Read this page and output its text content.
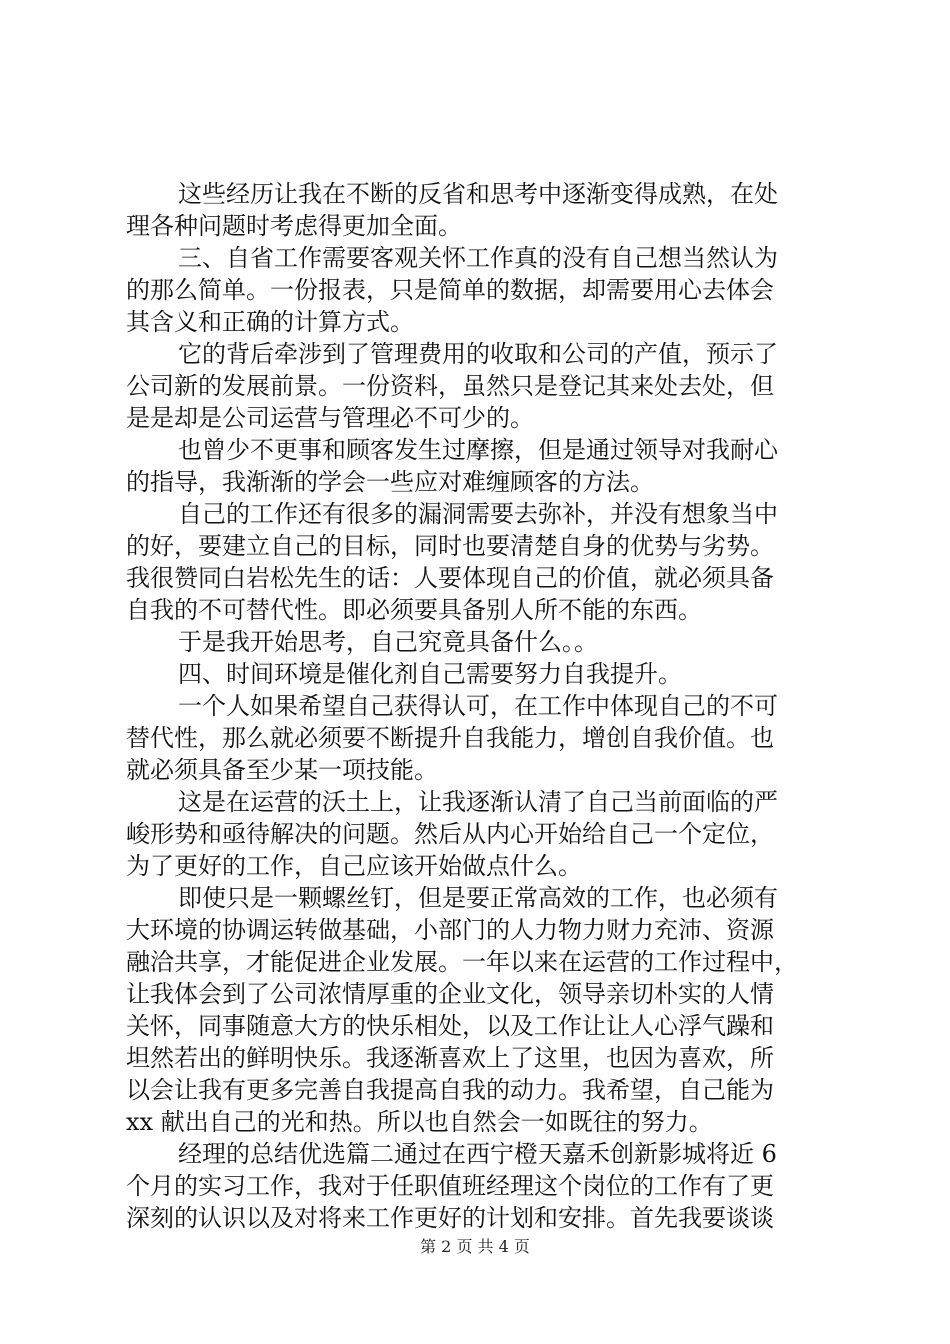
这些经历让我在不断的反省和思考中逐渐变得成熟，在处
理各种问题时考虑得更加全面。
三、自省工作需要客观关怀工作真的没有自己想当然认为
的那么简单。一份报表，只是简单的数据，却需要用心去体会
其含义和正确的计算方式。
它的背后牵涉到了管理费用的收取和公司的产值，预示了
公司新的发展前景。一份资料，虽然只是登记其来处去处，但
是是却是公司运营与管理必不可少的。
也曾少不更事和顾客发生过摩擦，但是通过领导对我耐心
的指导，我渐渐的学会一些应对难缠顾客的方法。
自己的工作还有很多的漏洞需要去弥补，并没有想象当中
的好，要建立自己的目标，同时也要清楚自身的优势与劣势。
我很赞同白岩松先生的话：人要体现自己的价值，就必须具备
自我的不可替代性。即必须要具备别人所不能的东西。
于是我开始思考，自己究竟具备什么。。
四、时间环境是催化剂自己需要努力自我提升。
一个人如果希望自己获得认可，在工作中体现自己的不可
替代性，那么就必须要不断提升自我能力，增创自我价值。也
就必须具备至少某一项技能。
这是在运营的沃土上，让我逐渐认清了自己当前面临的严
峻形势和亟待解决的问题。然后从内心开始给自己一个定位，
为了更好的工作，自己应该开始做点什么。
即使只是一颗螺丝钉，但是要正常高效的工作，也必须有
大环境的协调运转做基础，小部门的人力物力财力充沛、资源
融洽共享，才能促进企业发展。一年以来在运营的工作过程中，
让我体会到了公司浓情厚重的企业文化，领导亲切朴实的人情
关怀，同事随意大方的快乐相处，以及工作让让人心浮气躁和
坦然若出的鲜明快乐。我逐渐喜欢上了这里，也因为喜欢，所
以会让我有更多完善自我提高自我的动力。我希望，自己能为
xx 献出自己的光和热。所以也自然会一如既往的努力。
经理的总结优选篇二通过在西宁橙天嘉禾创新影城将近 6
个月的实习工作，我对于任职值班经理这个岗位的工作有了更
深刻的认识以及对将来工作更好的计划和安排。首先我要谈谈
第 2 页 共 4 页
